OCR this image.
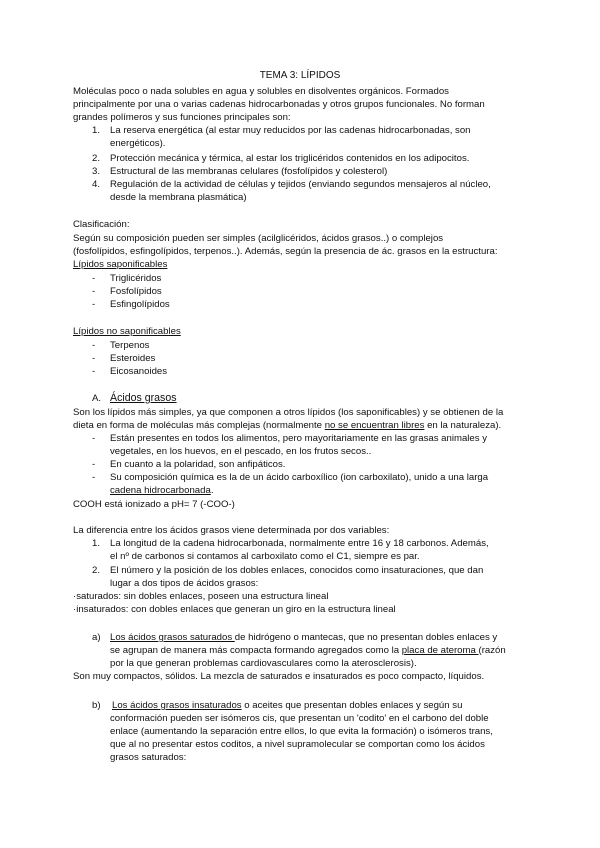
TEMA 3: LÍPIDOS
Moléculas poco o nada solubles en agua y solubles en disolventes orgánicos. Formados
principalmente por una o varias cadenas hidrocarbonadas y otros grupos funcionales. No forman
grandes polímeros y sus funciones principales son:
1. La reserva energética (al estar muy reducidos por las cadenas hidrocarbonadas, son
energéticos).
2. Protección mecánica y térmica, al estar los triglicéridos contenidos en los adipocitos.
3. Estructural de las membranas celulares (fosfolípidos y colesterol)
4. Regulación de la actividad de células y tejidos (enviando segundos mensajeros al núcleo,
desde la membrana plasmática)
Clasificación:
Según su composición pueden ser simples (acilglicéridos, ácidos grasos..) o complejos
(fosfolípidos, esfingolípidos, terpenos..). Además, según la presencia de ác. grasos en la estructura:
Lípidos saponificables
- Triglicéridos
- Fosfolípidos
- Esfingolípidos
Lípidos no saponificables
- Terpenos
- Esteroides
- Eicosanoides
A. Ácidos grasos
Son los lípidos más simples, ya que componen a otros lípidos (los saponificables) y se obtienen de la
dieta en forma de moléculas más complejas (normalmente no se encuentran libres en la naturaleza).
- Están presentes en todos los alimentos, pero mayoritariamente en las grasas animales y
vegetales, en los huevos, en el pescado, en los frutos secos..
- En cuanto a la polaridad, son anfipáticos.
- Su composición química es la de un ácido carboxílico (ion carboxilato), unido a una larga
cadena hidrocarbonada.
COOH está ionizado a pH= 7 (-COO-)
La diferencia entre los ácidos grasos viene determinada por dos variables:
1. La longitud de la cadena hidrocarbonada, normalmente entre 16 y 18 carbonos. Además,
el nº de carbonos si contamos al carboxilato como el C1, siempre es par.
2. El número y la posición de los dobles enlaces, conocidos como insaturaciones, que dan
lugar a dos tipos de ácidos grasos:
·saturados: sin dobles enlaces, poseen una estructura lineal
·insaturados: con dobles enlaces que generan un giro en la estructura lineal
a) Los ácidos grasos saturados de hidrógeno o mantecas, que no presentan dobles enlaces y
se agrupan de manera más compacta formando agregados como la placa de ateroma (razón
por la que generan problemas cardiovasculares como la aterosclerosis).
Son muy compactos, sólidos. La mezcla de saturados e insaturados es poco compacto, líquidos.
b) Los ácidos grasos insaturados o aceites que presentan dobles enlaces y según su
conformación pueden ser isómeros cis, que presentan un 'codito' en el carbono del doble
enlace (aumentando la separación entre ellos, lo que evita la formación) o isómeros trans,
que al no presentar estos coditos, a nivel supramolecular se comportan como los ácidos
grasos saturados:
